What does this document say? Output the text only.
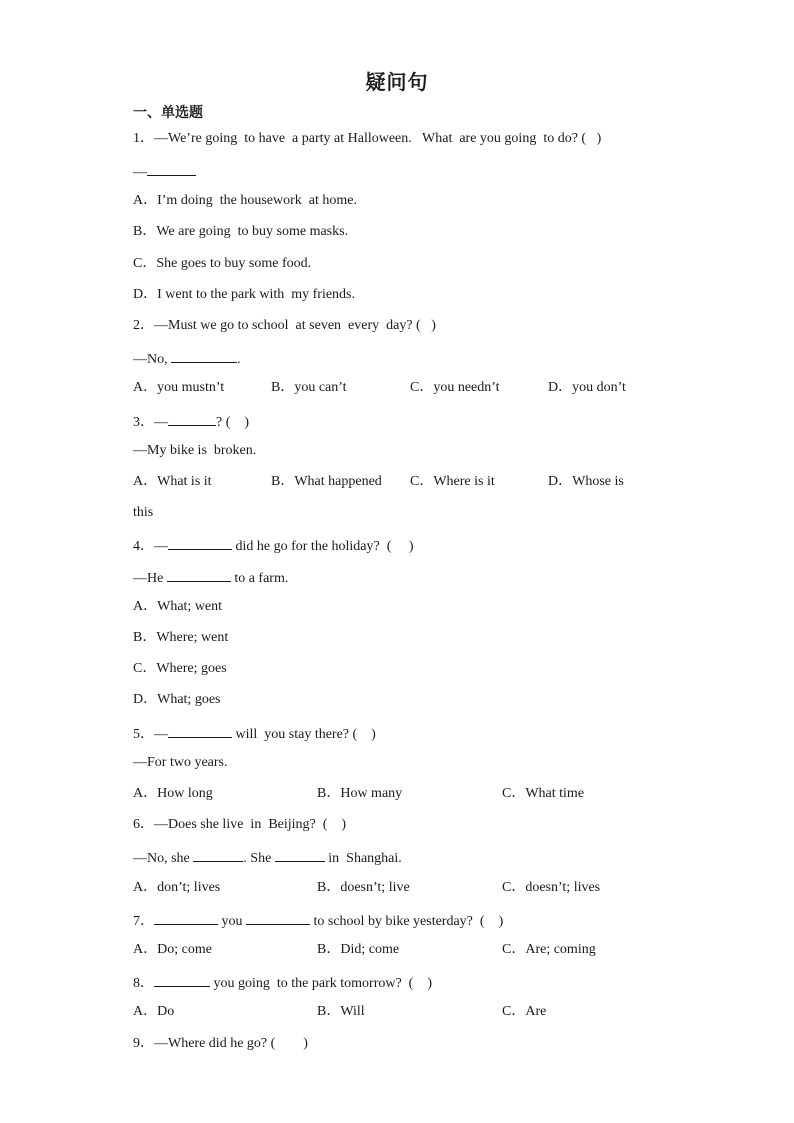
疑问句
一、单选题
1．—We’re going  to have  a party at Halloween.   What  are you going  to do? (   )
—
A．I’m doing  the housework  at home.
B．We are going  to buy some masks.
C．She goes to buy some food.
D．I went to the park with  my friends.
2．—Must we go to school  at seven  every  day? (   )
—No,	.
A．you mustn’t	B．you can’t	C．you needn’t	D．you don’t
3．—	? (    )
—My bike is  broken.
A．What is it	B．What happened C．Where is it	D．Whose is
this
4．—	did he go for the holiday?  (     )
—He	to a farm.
A．What; went
B．Where; went
C．Where; goes
D．What; goes
5．—	will  you stay there? (    )
—For two years.
A．How long	B．How many	C．What time
6．—Does she live  in  Beijing?  (    )
—No, she	. She	in  Shanghai.
A．don’t; lives	B．doesn’t; live	C．doesn’t; lives
7．	you	to school by bike yesterday?  (    )
A．Do; come	B．Did; come	C．Are; coming
8．	you going  to the park tomorrow?  (    )
A．Do	B．Will	C．Are
9．—Where did he go? (        )
